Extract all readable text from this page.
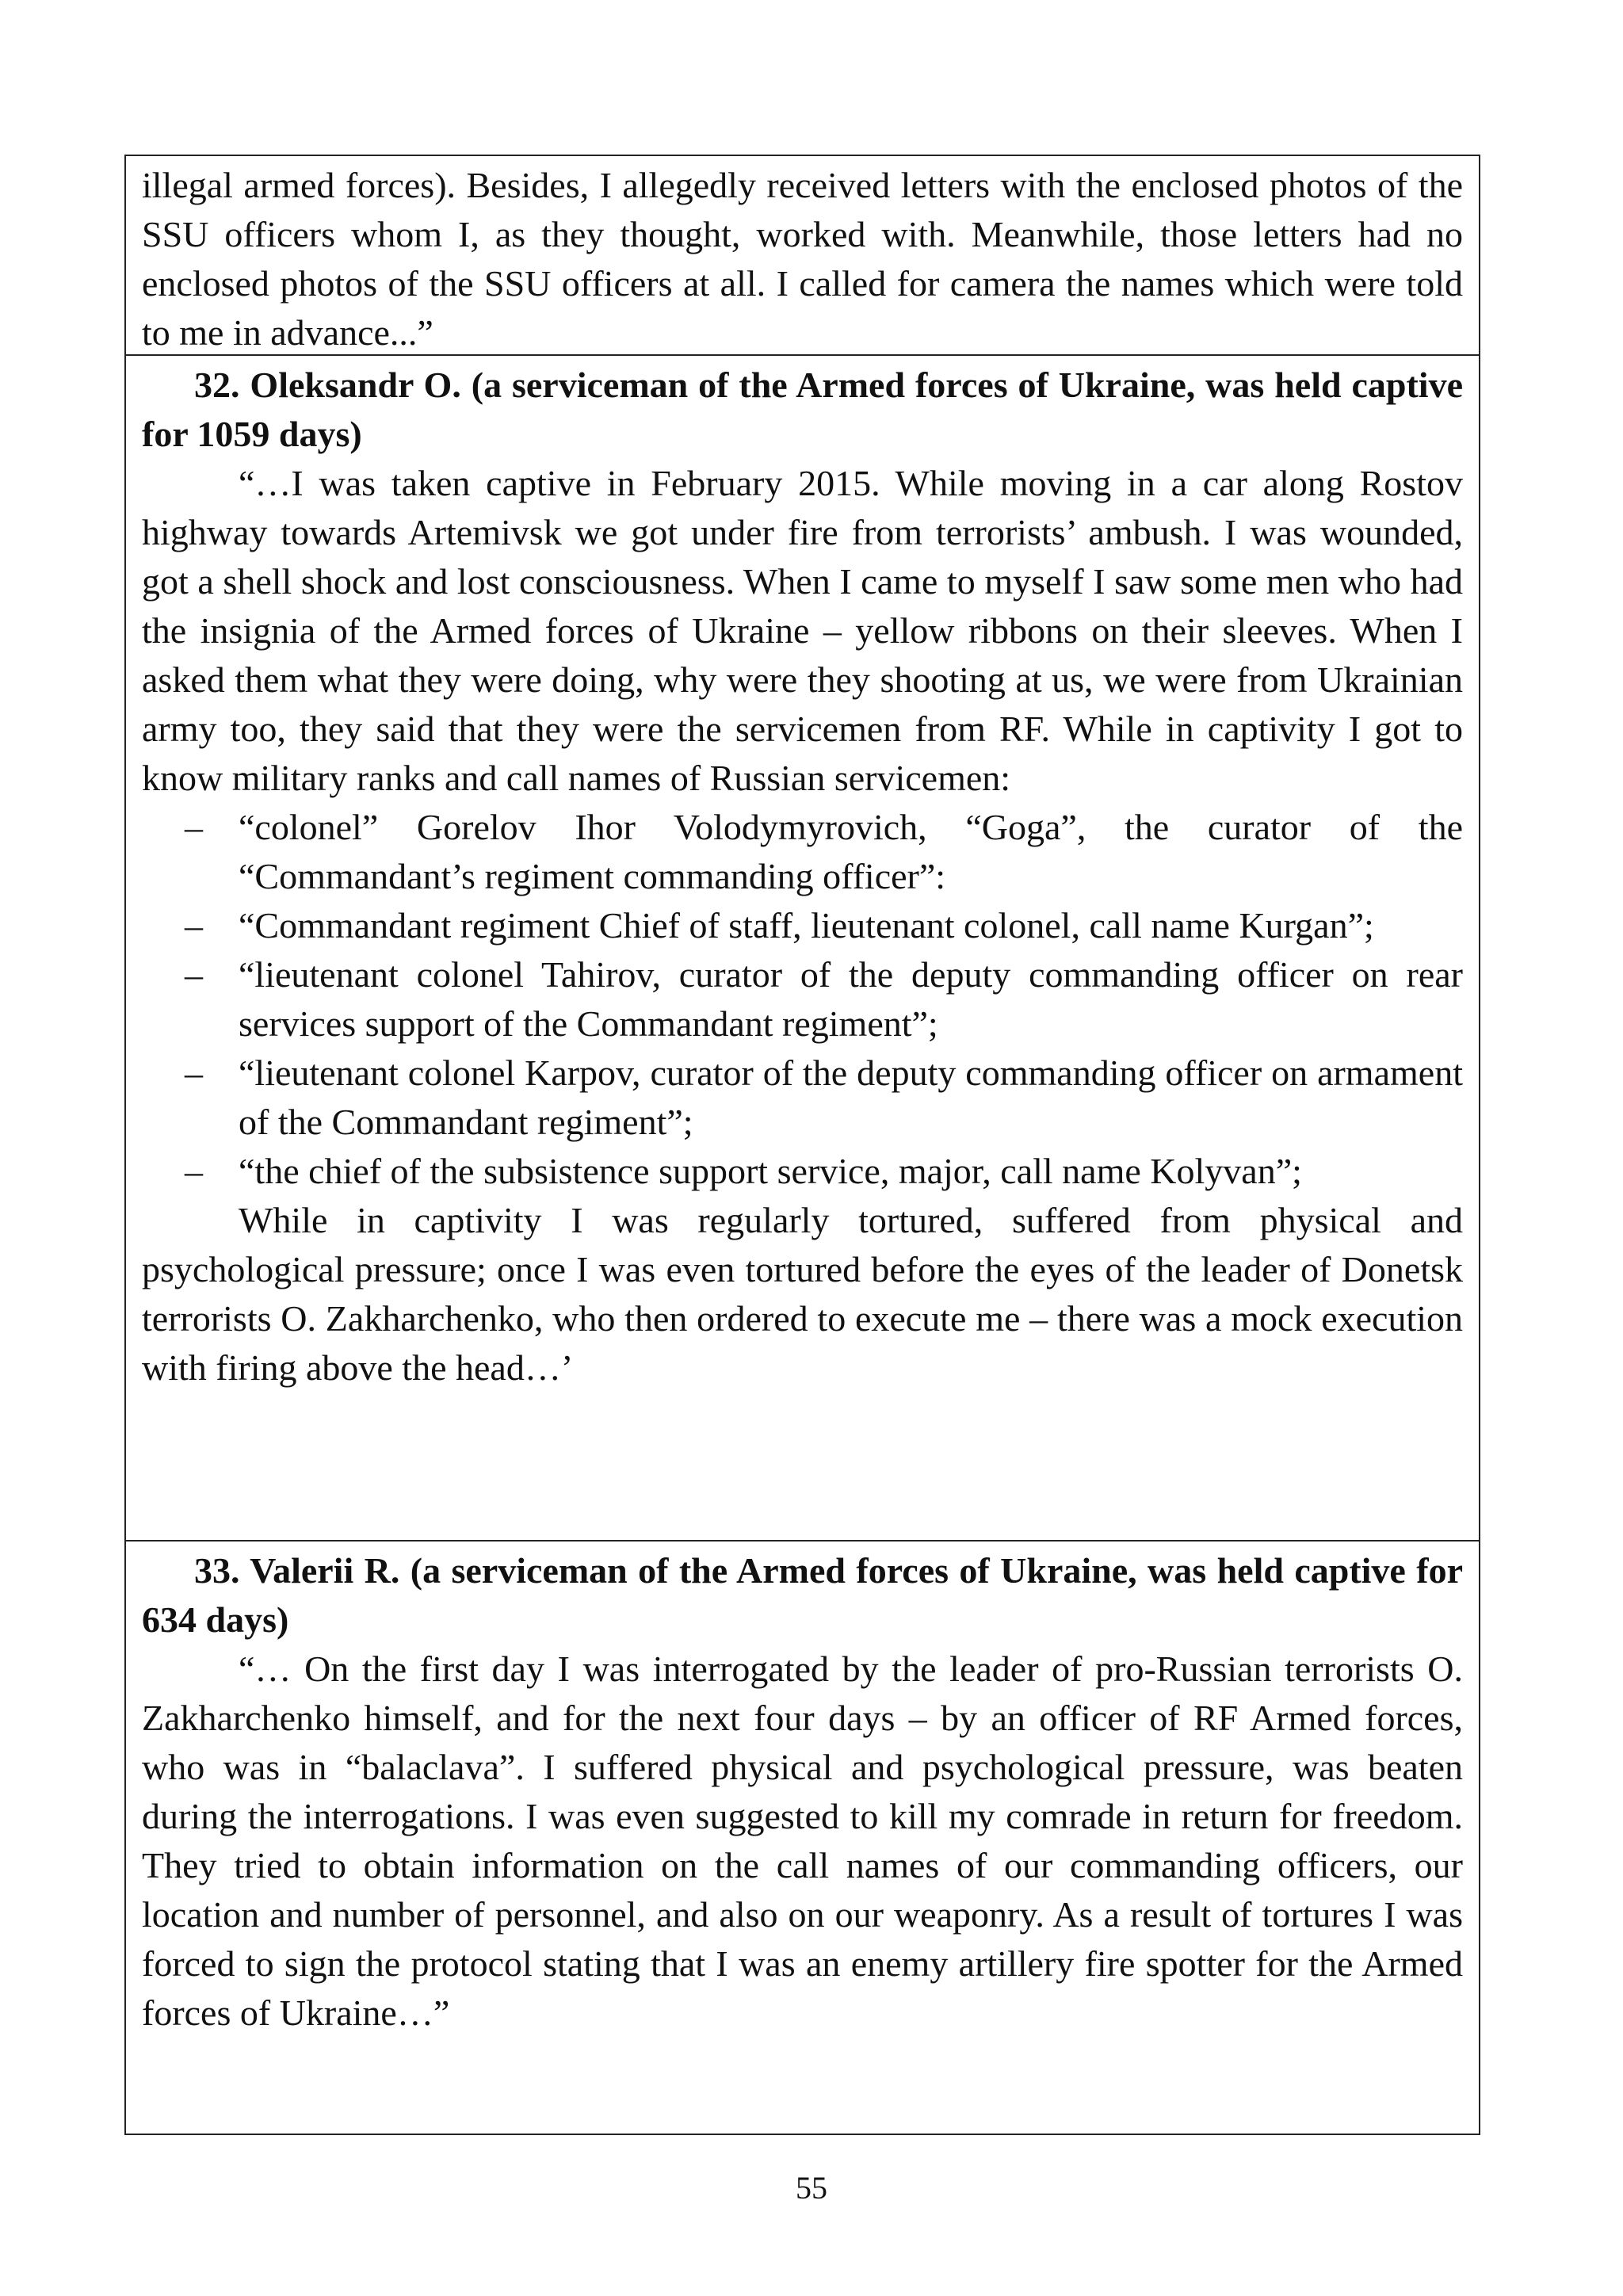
illegal armed forces). Besides, I allegedly received letters with the enclosed photos of the SSU officers whom I, as they thought, worked with. Meanwhile, those letters had no enclosed photos of the SSU officers at all. I called for camera the names which were told to me in advance...”

32. Oleksandr O. (a serviceman of the Armed forces of Ukraine, was held captive for 1059 days)

“…I was taken captive in February 2015. While moving in a car along Rostov highway towards Artemivsk we got under fire from terrorists’ ambush. I was wounded, got a shell shock and lost consciousness. When I came to myself I saw some men who had the insignia of the Armed forces of Ukraine – yellow ribbons on their sleeves. When I asked them what they were doing, why were they shooting at us, we were from Ukrainian army too, they said that they were the servicemen from RF. While in captivity I got to know military ranks and call names of Russian servicemen:

– “colonel” Gorelov Ihor Volodymyrovich, “Goga”, the curator of the “Commandant’s regiment commanding officer”:
– “Commandant regiment Chief of staff, lieutenant colonel, call name Kurgan”;
– “lieutenant colonel Tahirov, curator of the deputy commanding officer on rear services support of the Commandant regiment”;
– “lieutenant colonel Karpov, curator of the deputy commanding officer on armament of the Commandant regiment”;
– “the chief of the subsistence support service, major, call name Kolyvan”;

While in captivity I was regularly tortured, suffered from physical and psychological pressure; once I was even tortured before the eyes of the leader of Donetsk terrorists O. Zakharchenko, who then ordered to execute me – there was a mock execution with firing above the head…’

33. Valerii R. (a serviceman of the Armed forces of Ukraine, was held captive for 634 days)

“… On the first day I was interrogated by the leader of pro-Russian terrorists O. Zakharchenko himself, and for the next four days – by an officer of RF Armed forces, who was in “balaclava”. I suffered physical and psychological pressure, was beaten during the interrogations. I was even suggested to kill my comrade in return for freedom. They tried to obtain information on the call names of our commanding officers, our location and number of personnel, and also on our weaponry. As a result of tortures I was forced to sign the protocol stating that I was an enemy artillery fire spotter for the Armed forces of Ukraine…”

55
